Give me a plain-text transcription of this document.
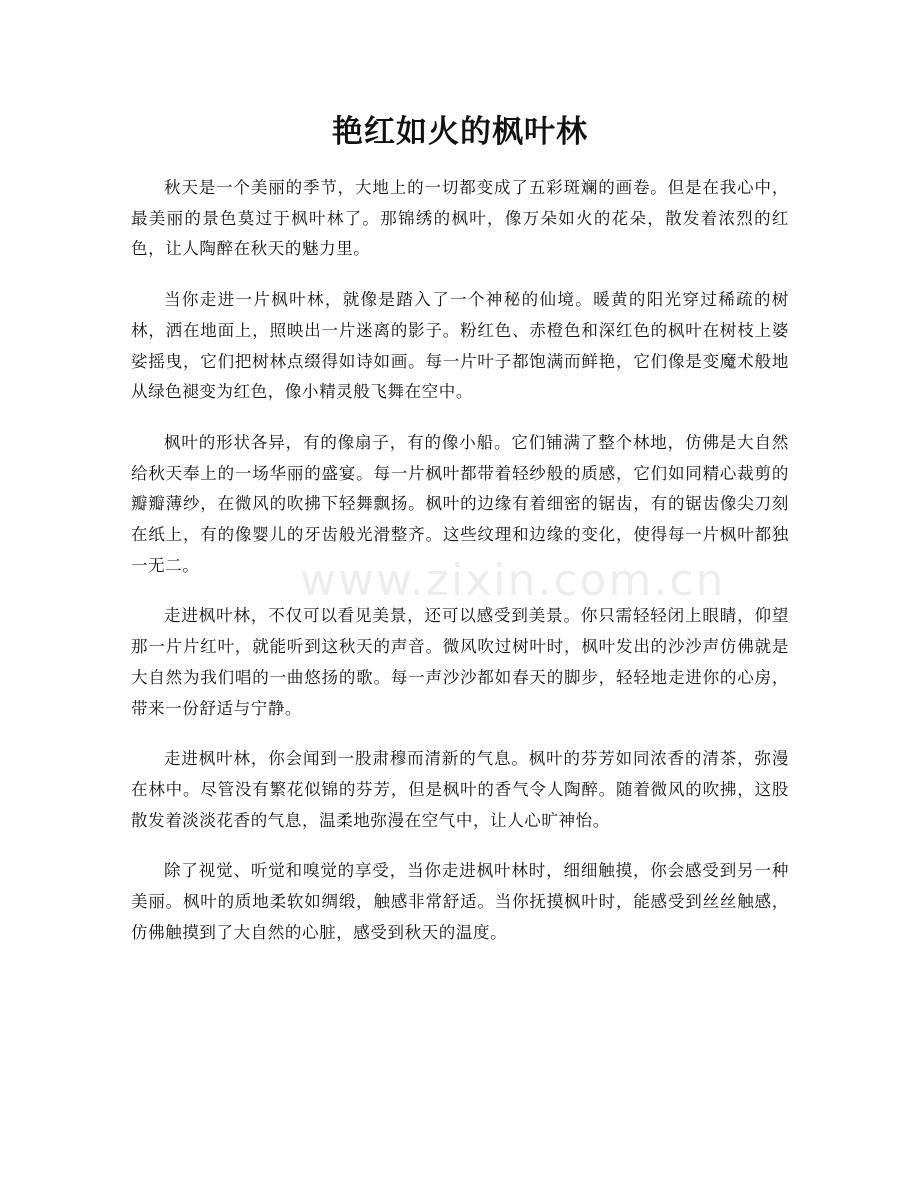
艳红如火的枫叶林

秋天是一个美丽的季节，大地上的一切都变成了五彩斑斓的画卷。但是在我心中，最美丽的景色莫过于枫叶林了。那锦绣的枫叶，像万朵如火的花朵，散发着浓烈的红色，让人陶醉在秋天的魅力里。

当你走进一片枫叶林，就像是踏入了一个神秘的仙境。暖黄的阳光穿过稀疏的树林，洒在地面上，照映出一片迷离的影子。粉红色、赤橙色和深红色的枫叶在树枝上婆娑摇曳，它们把树林点缀得如诗如画。每一片叶子都饱满而鲜艳，它们像是变魔术般地从绿色褪变为红色，像小精灵般飞舞在空中。

枫叶的形状各异，有的像扇子，有的像小船。它们铺满了整个林地，仿佛是大自然给秋天奉上的一场华丽的盛宴。每一片枫叶都带着轻纱般的质感，它们如同精心裁剪的瓣瓣薄纱，在微风的吹拂下轻舞飘扬。枫叶的边缘有着细密的锯齿，有的锯齿像尖刀刻在纸上，有的像婴儿的牙齿般光滑整齐。这些纹理和边缘的变化，使得每一片枫叶都独一无二。

走进枫叶林，不仅可以看见美景，还可以感受到美景。你只需轻轻闭上眼睛，仰望那一片片红叶，就能听到这秋天的声音。微风吹过树叶时，枫叶发出的沙沙声仿佛就是大自然为我们唱的一曲悠扬的歌。每一声沙沙都如春天的脚步，轻轻地走进你的心房，带来一份舒适与宁静。

走进枫叶林，你会闻到一股肃穆而清新的气息。枫叶的芬芳如同浓香的清茶，弥漫在林中。尽管没有繁花似锦的芬芳，但是枫叶的香气令人陶醉。随着微风的吹拂，这股散发着淡淡花香的气息，温柔地弥漫在空气中，让人心旷神怡。

除了视觉、听觉和嗅觉的享受，当你走进枫叶林时，细细触摸，你会感受到另一种美丽。枫叶的质地柔软如绸缎，触感非常舒适。当你抚摸枫叶时，能感受到丝丝触感，仿佛触摸到了大自然的心脏，感受到秋天的温度。

www.zixin.com.cn
